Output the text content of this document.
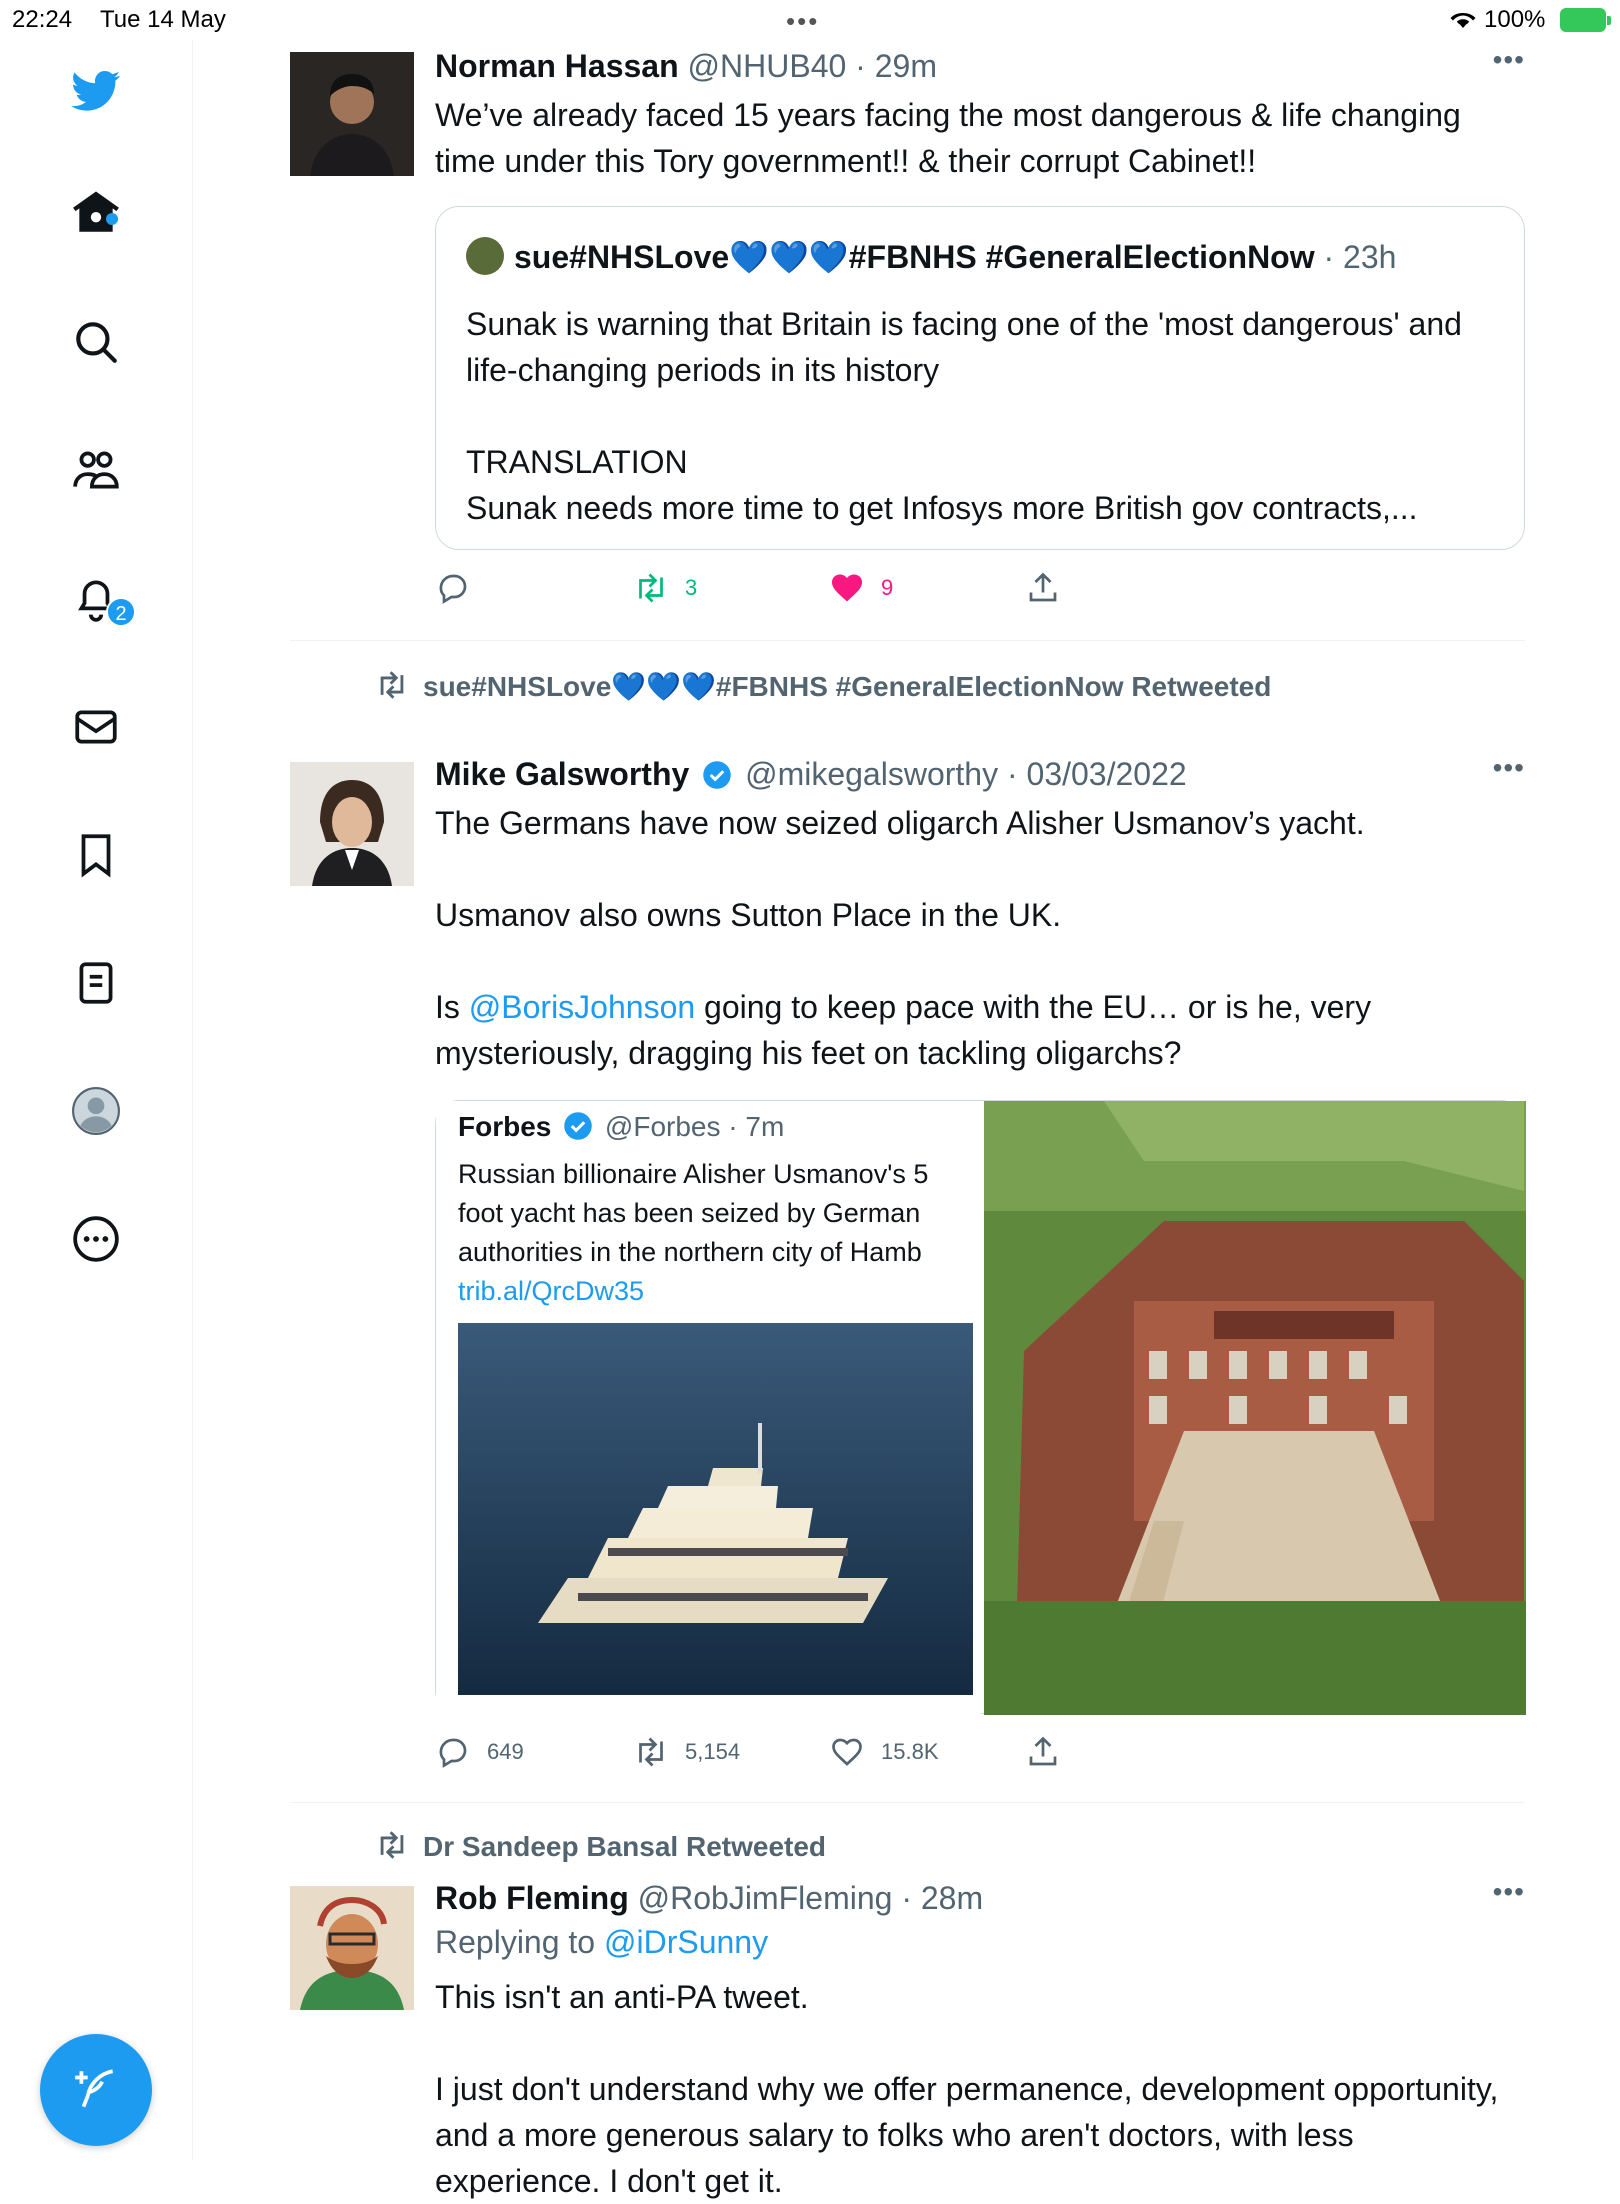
22:24 Tue 14 May	•••	100%
2
Norman Hassan @NHUB40 · 29m	•••
We’ve already faced 15 years facing the most dangerous & life changing time under this Tory government!! & their corrupt Cabinet!!
sue#NHSLove💙💙💙#FBNHS #GeneralElectionNow · 23h
Sunak is warning that Britain is facing one of the 'most dangerous' and life-changing periods in its history

TRANSLATION
Sunak needs more time to get Infosys more British gov contracts,...
3	9
sue#NHSLove💙💙💙#FBNHS #GeneralElectionNow Retweeted
Mike Galsworthy @mikegalsworthy · 03/03/2022	•••
The Germans have now seized oligarch Alisher Usmanov’s yacht.

Usmanov also owns Sutton Place in the UK.

Is @BorisJohnson going to keep pace with the EU… or is he, very mysteriously, dragging his feet on tackling oligarchs?
Forbes @Forbes · 7m
Russian billionaire Alisher Usmanov's 5
foot yacht has been seized by German
authorities in the northern city of Hamb
trib.al/QrcDw35
649	5,154	15.8K
Dr Sandeep Bansal Retweeted
Rob Fleming @RobJimFleming · 28m	•••
Replying to @iDrSunny
This isn't an anti-PA tweet.

I just don't understand why we offer permanence, development opportunity, and a more generous salary to folks who aren't doctors, with less experience. I don't get it.
